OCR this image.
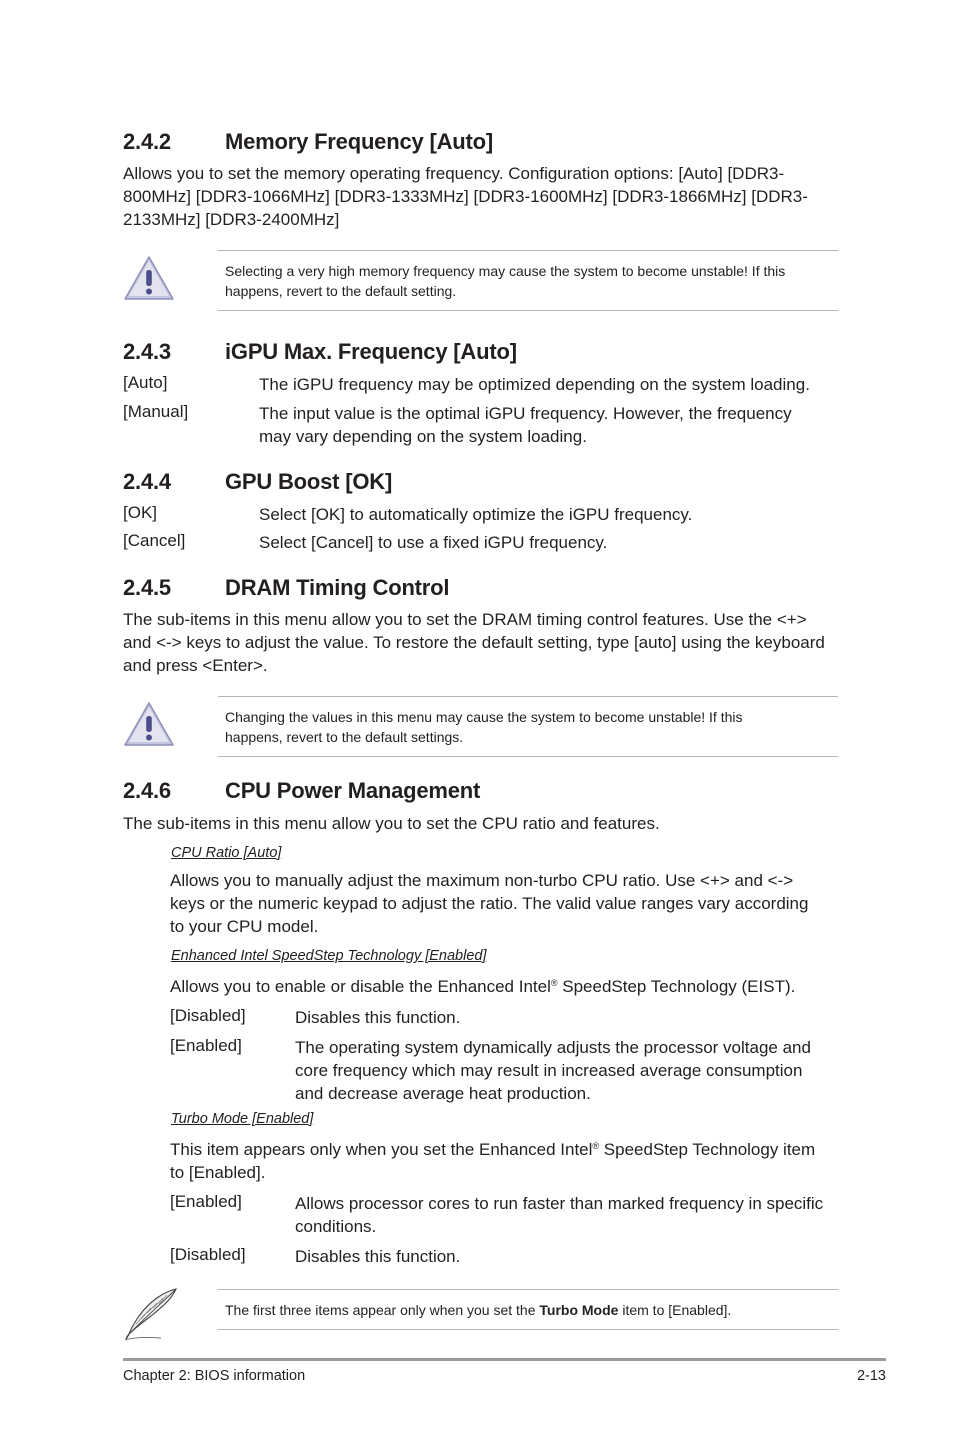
2.4.2 Memory Frequency [Auto]
Allows you to set the memory operating frequency. Configuration options: [Auto] [DDR3-
800MHz] [DDR3-1066MHz] [DDR3-1333MHz] [DDR3-1600MHz] [DDR3-1866MHz] [DDR3-
2133MHz] [DDR3-2400MHz]
Selecting a very high memory frequency may cause the system to become unstable! If this
happens, revert to the default setting.
2.4.3 iGPU Max. Frequency [Auto]
[Auto]	The iGPU frequency may be optimized depending on the system loading.
[Manual]	The input value is the optimal iGPU frequency. However, the frequency
may vary depending on the system loading.
2.4.4 GPU Boost [OK]
[OK]	Select [OK] to automatically optimize the iGPU frequency.
[Cancel]	Select [Cancel] to use a fixed iGPU frequency.
2.4.5 DRAM Timing Control
The sub-items in this menu allow you to set the DRAM timing control features. Use the <+>
and <-> keys to adjust the value. To restore the default setting, type [auto] using the keyboard
and press <Enter>.
Changing the values in this menu may cause the system to become unstable! If this
happens, revert to the default settings.
2.4.6 CPU Power Management
The sub-items in this menu allow you to set the CPU ratio and features.
CPU Ratio [Auto]
Allows you to manually adjust the maximum non-turbo CPU ratio. Use <+> and <->
keys or the numeric keypad to adjust the ratio. The valid value ranges vary according
to your CPU model.
Enhanced Intel SpeedStep Technology [Enabled]
Allows you to enable or disable the Enhanced Intel® SpeedStep Technology (EIST).
[Disabled]	Disables this function.
[Enabled]	The operating system dynamically adjusts the processor voltage and
core frequency which may result in increased average consumption
and decrease average heat production.
Turbo Mode [Enabled]
This item appears only when you set the Enhanced Intel® SpeedStep Technology item
to [Enabled].
[Enabled]	Allows processor cores to run faster than marked frequency in specific
conditions.
[Disabled]	Disables this function.
The first three items appear only when you set the Turbo Mode item to [Enabled].
Chapter 2: BIOS information	2-13
